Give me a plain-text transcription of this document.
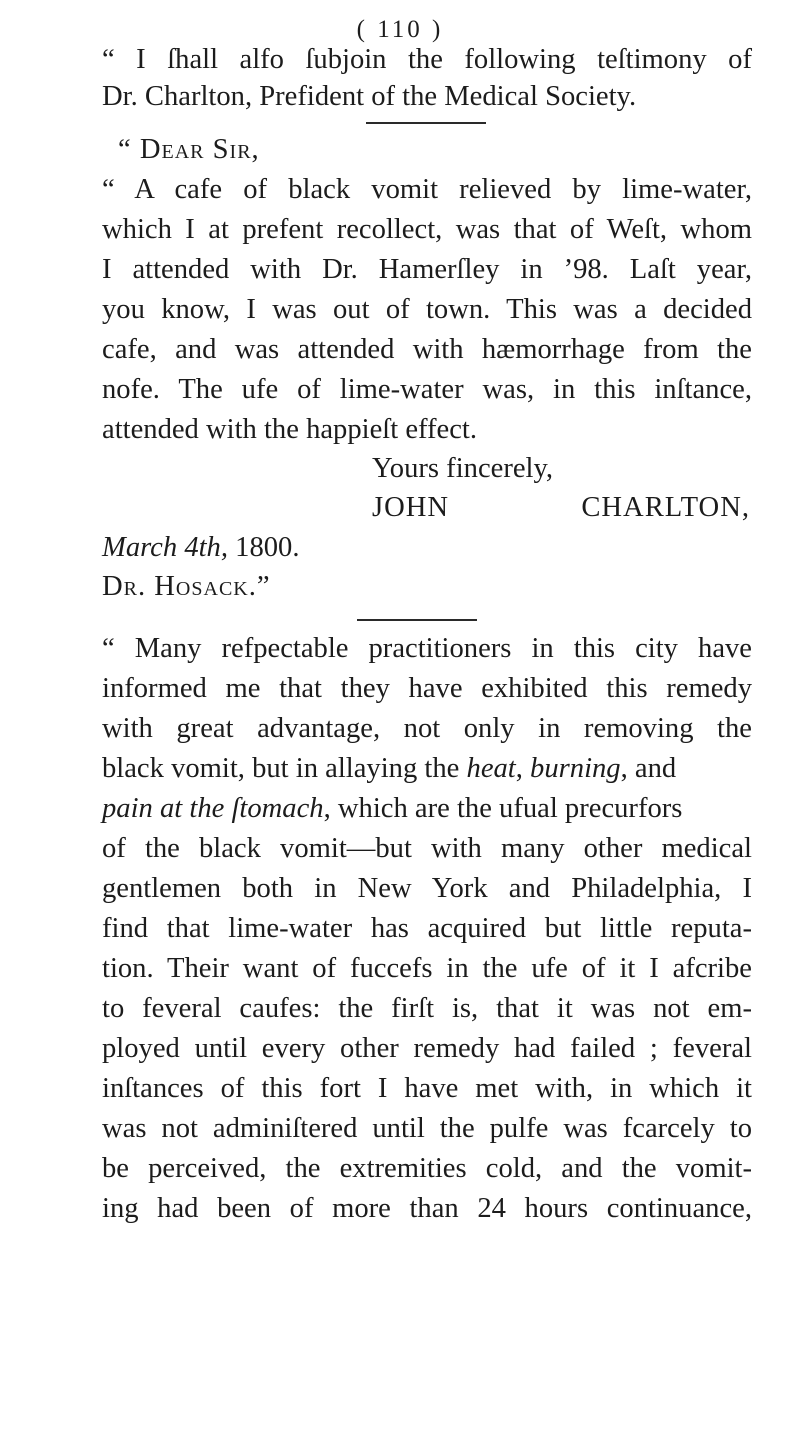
( 110 )
“ I ſhall alfo ſubjoin the following teſtimony of
Dr. Charlton, Prefident of the Medical Society.
“ Dear Sir,
“ A cafe of black vomit relieved by lime-water,
which I at prefent recollect, was that of Weſt, whom
I attended with Dr. Hamerſley in ’98. Laſt year,
you know, I was out of town. This was a decided
cafe, and was attended with hæmorrhage from the
nofe. The ufe of lime-water was, in this inſtance,
attended with the happieſt effect.
Yours fincerely,
JOHN CHARLTON,
March 4th, 1800.
Dr. Hosack.”
“ Many refpectable practitioners in this city have
informed me that they have exhibited this remedy
with great advantage, not only in removing the
black vomit, but in allaying the heat, burning, and
pain at the ſtomach, which are the ufual precurfors
of the black vomit—but with many other medical
gentlemen both in New York and Philadelphia, I
find that lime-water has acquired but little reputa-
tion. Their want of fuccefs in the ufe of it I afcribe
to feveral caufes: the firſt is, that it was not em-
ployed until every other remedy had failed ; feveral
inſtances of this fort I have met with, in which it
was not adminiſtered until the pulfe was fcarcely to
be perceived, the extremities cold, and the vomit-
ing had been of more than 24 hours continuance,
